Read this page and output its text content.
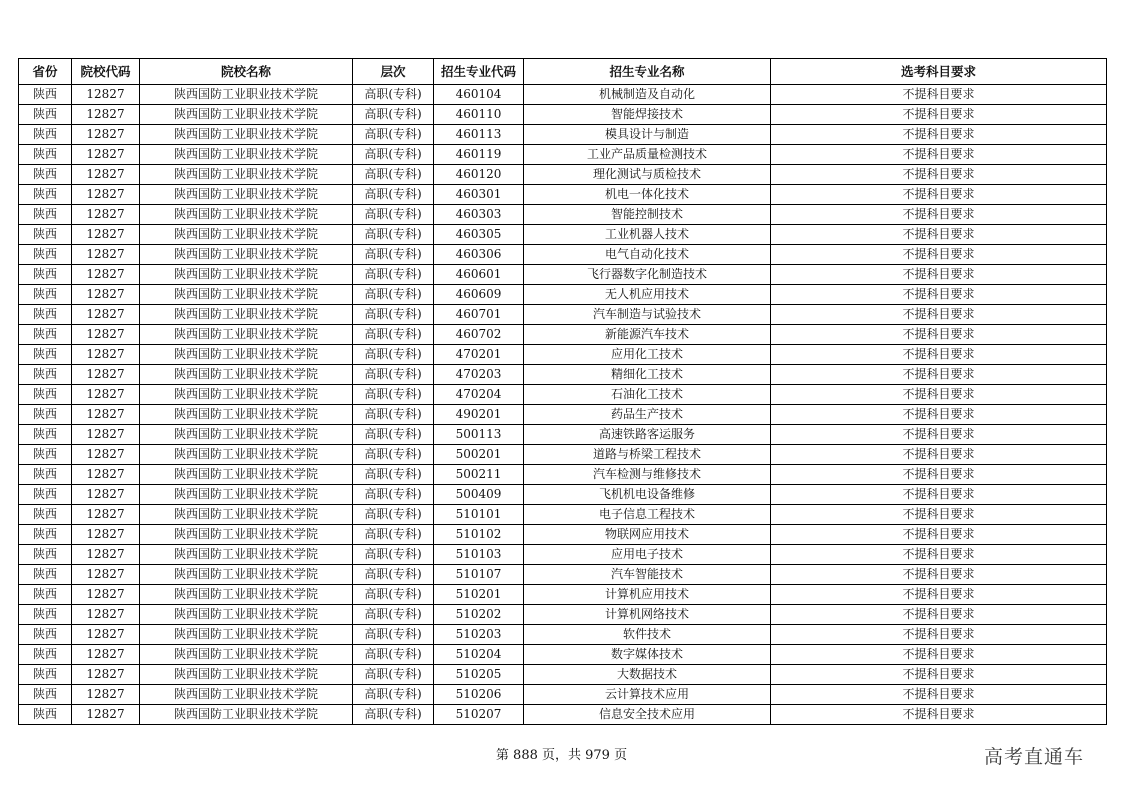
省份	院校代码	院校名称	层次	招生专业代码	招生专业名称	选考科目要求
陕西	12827	陕西国防工业职业技术学院	高职(专科)	460104	机械制造及自动化	不提科目要求
陕西	12827	陕西国防工业职业技术学院	高职(专科)	460110	智能焊接技术	不提科目要求
陕西	12827	陕西国防工业职业技术学院	高职(专科)	460113	模具设计与制造	不提科目要求
陕西	12827	陕西国防工业职业技术学院	高职(专科)	460119	工业产品质量检测技术	不提科目要求
陕西	12827	陕西国防工业职业技术学院	高职(专科)	460120	理化测试与质检技术	不提科目要求
陕西	12827	陕西国防工业职业技术学院	高职(专科)	460301	机电一体化技术	不提科目要求
陕西	12827	陕西国防工业职业技术学院	高职(专科)	460303	智能控制技术	不提科目要求
陕西	12827	陕西国防工业职业技术学院	高职(专科)	460305	工业机器人技术	不提科目要求
陕西	12827	陕西国防工业职业技术学院	高职(专科)	460306	电气自动化技术	不提科目要求
陕西	12827	陕西国防工业职业技术学院	高职(专科)	460601	飞行器数字化制造技术	不提科目要求
陕西	12827	陕西国防工业职业技术学院	高职(专科)	460609	无人机应用技术	不提科目要求
陕西	12827	陕西国防工业职业技术学院	高职(专科)	460701	汽车制造与试验技术	不提科目要求
陕西	12827	陕西国防工业职业技术学院	高职(专科)	460702	新能源汽车技术	不提科目要求
陕西	12827	陕西国防工业职业技术学院	高职(专科)	470201	应用化工技术	不提科目要求
陕西	12827	陕西国防工业职业技术学院	高职(专科)	470203	精细化工技术	不提科目要求
陕西	12827	陕西国防工业职业技术学院	高职(专科)	470204	石油化工技术	不提科目要求
陕西	12827	陕西国防工业职业技术学院	高职(专科)	490201	药品生产技术	不提科目要求
陕西	12827	陕西国防工业职业技术学院	高职(专科)	500113	高速铁路客运服务	不提科目要求
陕西	12827	陕西国防工业职业技术学院	高职(专科)	500201	道路与桥梁工程技术	不提科目要求
陕西	12827	陕西国防工业职业技术学院	高职(专科)	500211	汽车检测与维修技术	不提科目要求
陕西	12827	陕西国防工业职业技术学院	高职(专科)	500409	飞机机电设备维修	不提科目要求
陕西	12827	陕西国防工业职业技术学院	高职(专科)	510101	电子信息工程技术	不提科目要求
陕西	12827	陕西国防工业职业技术学院	高职(专科)	510102	物联网应用技术	不提科目要求
陕西	12827	陕西国防工业职业技术学院	高职(专科)	510103	应用电子技术	不提科目要求
陕西	12827	陕西国防工业职业技术学院	高职(专科)	510107	汽车智能技术	不提科目要求
陕西	12827	陕西国防工业职业技术学院	高职(专科)	510201	计算机应用技术	不提科目要求
陕西	12827	陕西国防工业职业技术学院	高职(专科)	510202	计算机网络技术	不提科目要求
陕西	12827	陕西国防工业职业技术学院	高职(专科)	510203	软件技术	不提科目要求
陕西	12827	陕西国防工业职业技术学院	高职(专科)	510204	数字媒体技术	不提科目要求
陕西	12827	陕西国防工业职业技术学院	高职(专科)	510205	大数据技术	不提科目要求
陕西	12827	陕西国防工业职业技术学院	高职(专科)	510206	云计算技术应用	不提科目要求
陕西	12827	陕西国防工业职业技术学院	高职(专科)	510207	信息安全技术应用	不提科目要求
第 888 页，共 979 页	高考直通车
